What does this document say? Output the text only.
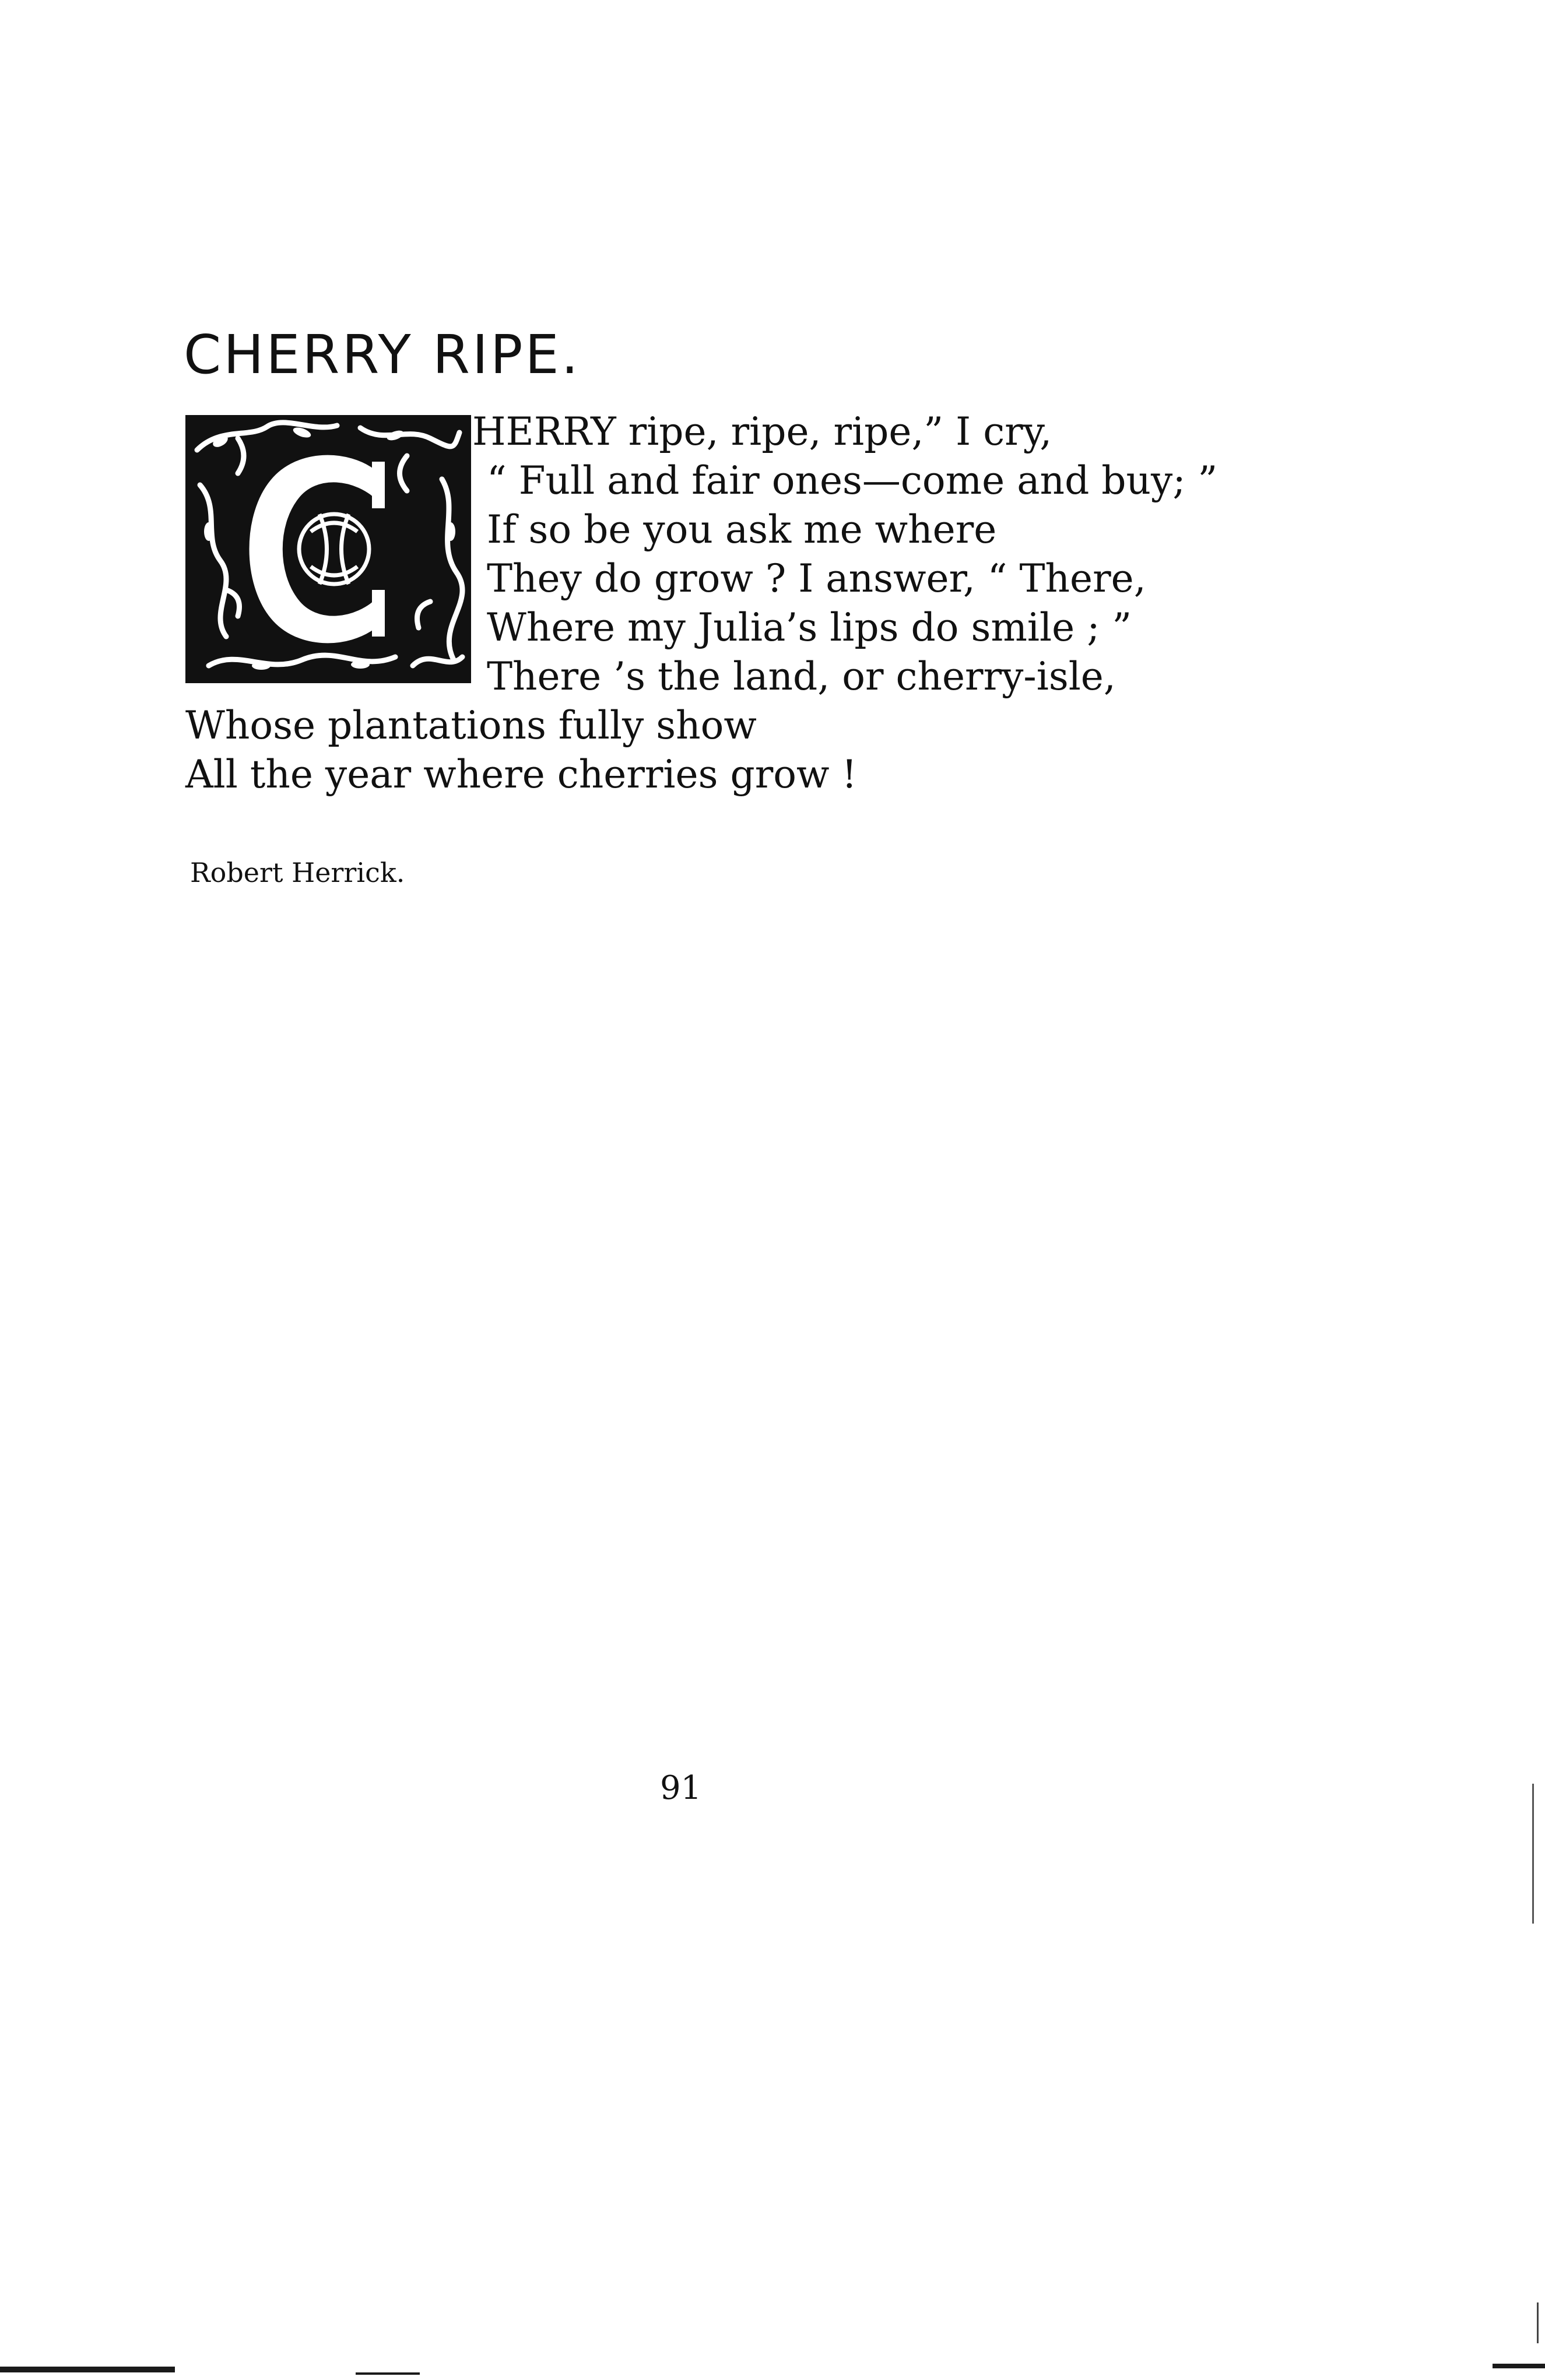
CHERRY RIPE.
HERRY ripe, ripe, ripe,” I cry,
“ Full and fair ones—come and buy; ”
If so be you ask me where
They do grow ? I answer, “ There,
Where my Julia’s lips do smile ; ”
There ’s the land, or cherry-isle,
Whose plantations fully show
All the year where cherries grow !
Robert Herrick.
91
